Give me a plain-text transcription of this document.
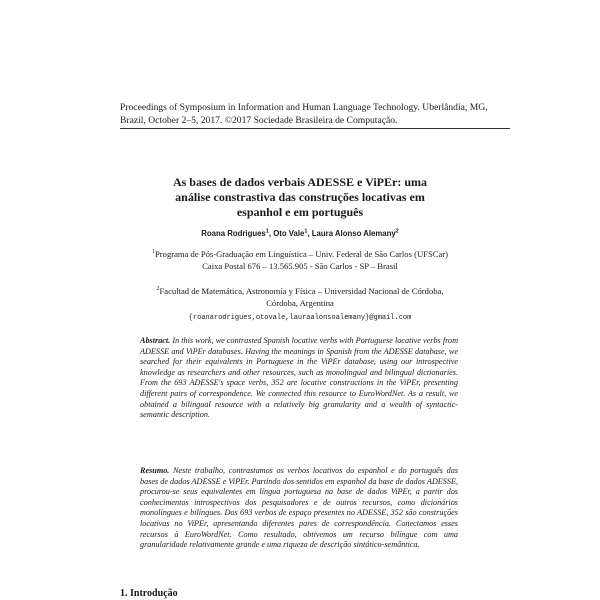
Proceedings of Symposium in Information and Human Language Technology. Uberlândia, MG,
Brazil, October 2–5, 2017. ©2017 Sociedade Brasileira de Computação.
As bases de dados verbais ADESSE e ViPEr: uma
análise constrastiva das construções locativas em
espanhol e em português
Roana Rodrigues$^1$, Oto Vale$^1$, Laura Alonso Alemany$^2$
$^1$Programa de Pós-Graduação em Linguística – Univ. Federal de São Carlos (UFSCar)
Caixa Postal 676 – 13.565.905 - São Carlos - SP – Brasil
$^2$Facultad de Matemática, Astronomía y Física – Universidad Nacional de Córdoba,
Córdoba, Argentina
{roanarodrigues,otovale,lauraalonsoalemany}@gmail.com
Abstract. In this work, we contrasted Spanish locative verbs with Portuguese locative verbs from ADESSE and ViPEr databases. Having the meanings in Spanish from the ADESSE database, we searched for their equivalents in Portuguese in the ViPEr database, using our introspective knowledge as researchers and other resources, such as monolingual and bilingual dictionaries. From the 693 ADESSE's space verbs, 352 are locative constructions in the ViPEr, presenting different pairs of correspondence. We connected this resource to EuroWordNet. As a result, we obtained a bilingual resource with a relatively big granularity and a wealth of syntactic-semantic description.
Resumo. Neste trabalho, contrastamos os verbos locativos do espanhol e do português das bases de dados ADESSE e ViPEr. Partindo dos sentidos em espanhol da base de dados ADESSE, procurou-se seus equivalentes em língua portuguesa na base de dados ViPEr, a partir dos conhecimentos introspectivos dos pesquisadores e de outros recursos, como dicionários monolíngues e bilíngues. Dos 693 verbos de espaço presentes no ADESSE, 352 são construções locativas no ViPEr, apresentando diferentes pares de correspondência. Conectamos esses recursos à EuroWordNet. Como resultado, obtivemos um recurso bilíngue com uma granularidade relativamente grande e uma riqueza de descrição sintático-semântica.
1. Introdução
